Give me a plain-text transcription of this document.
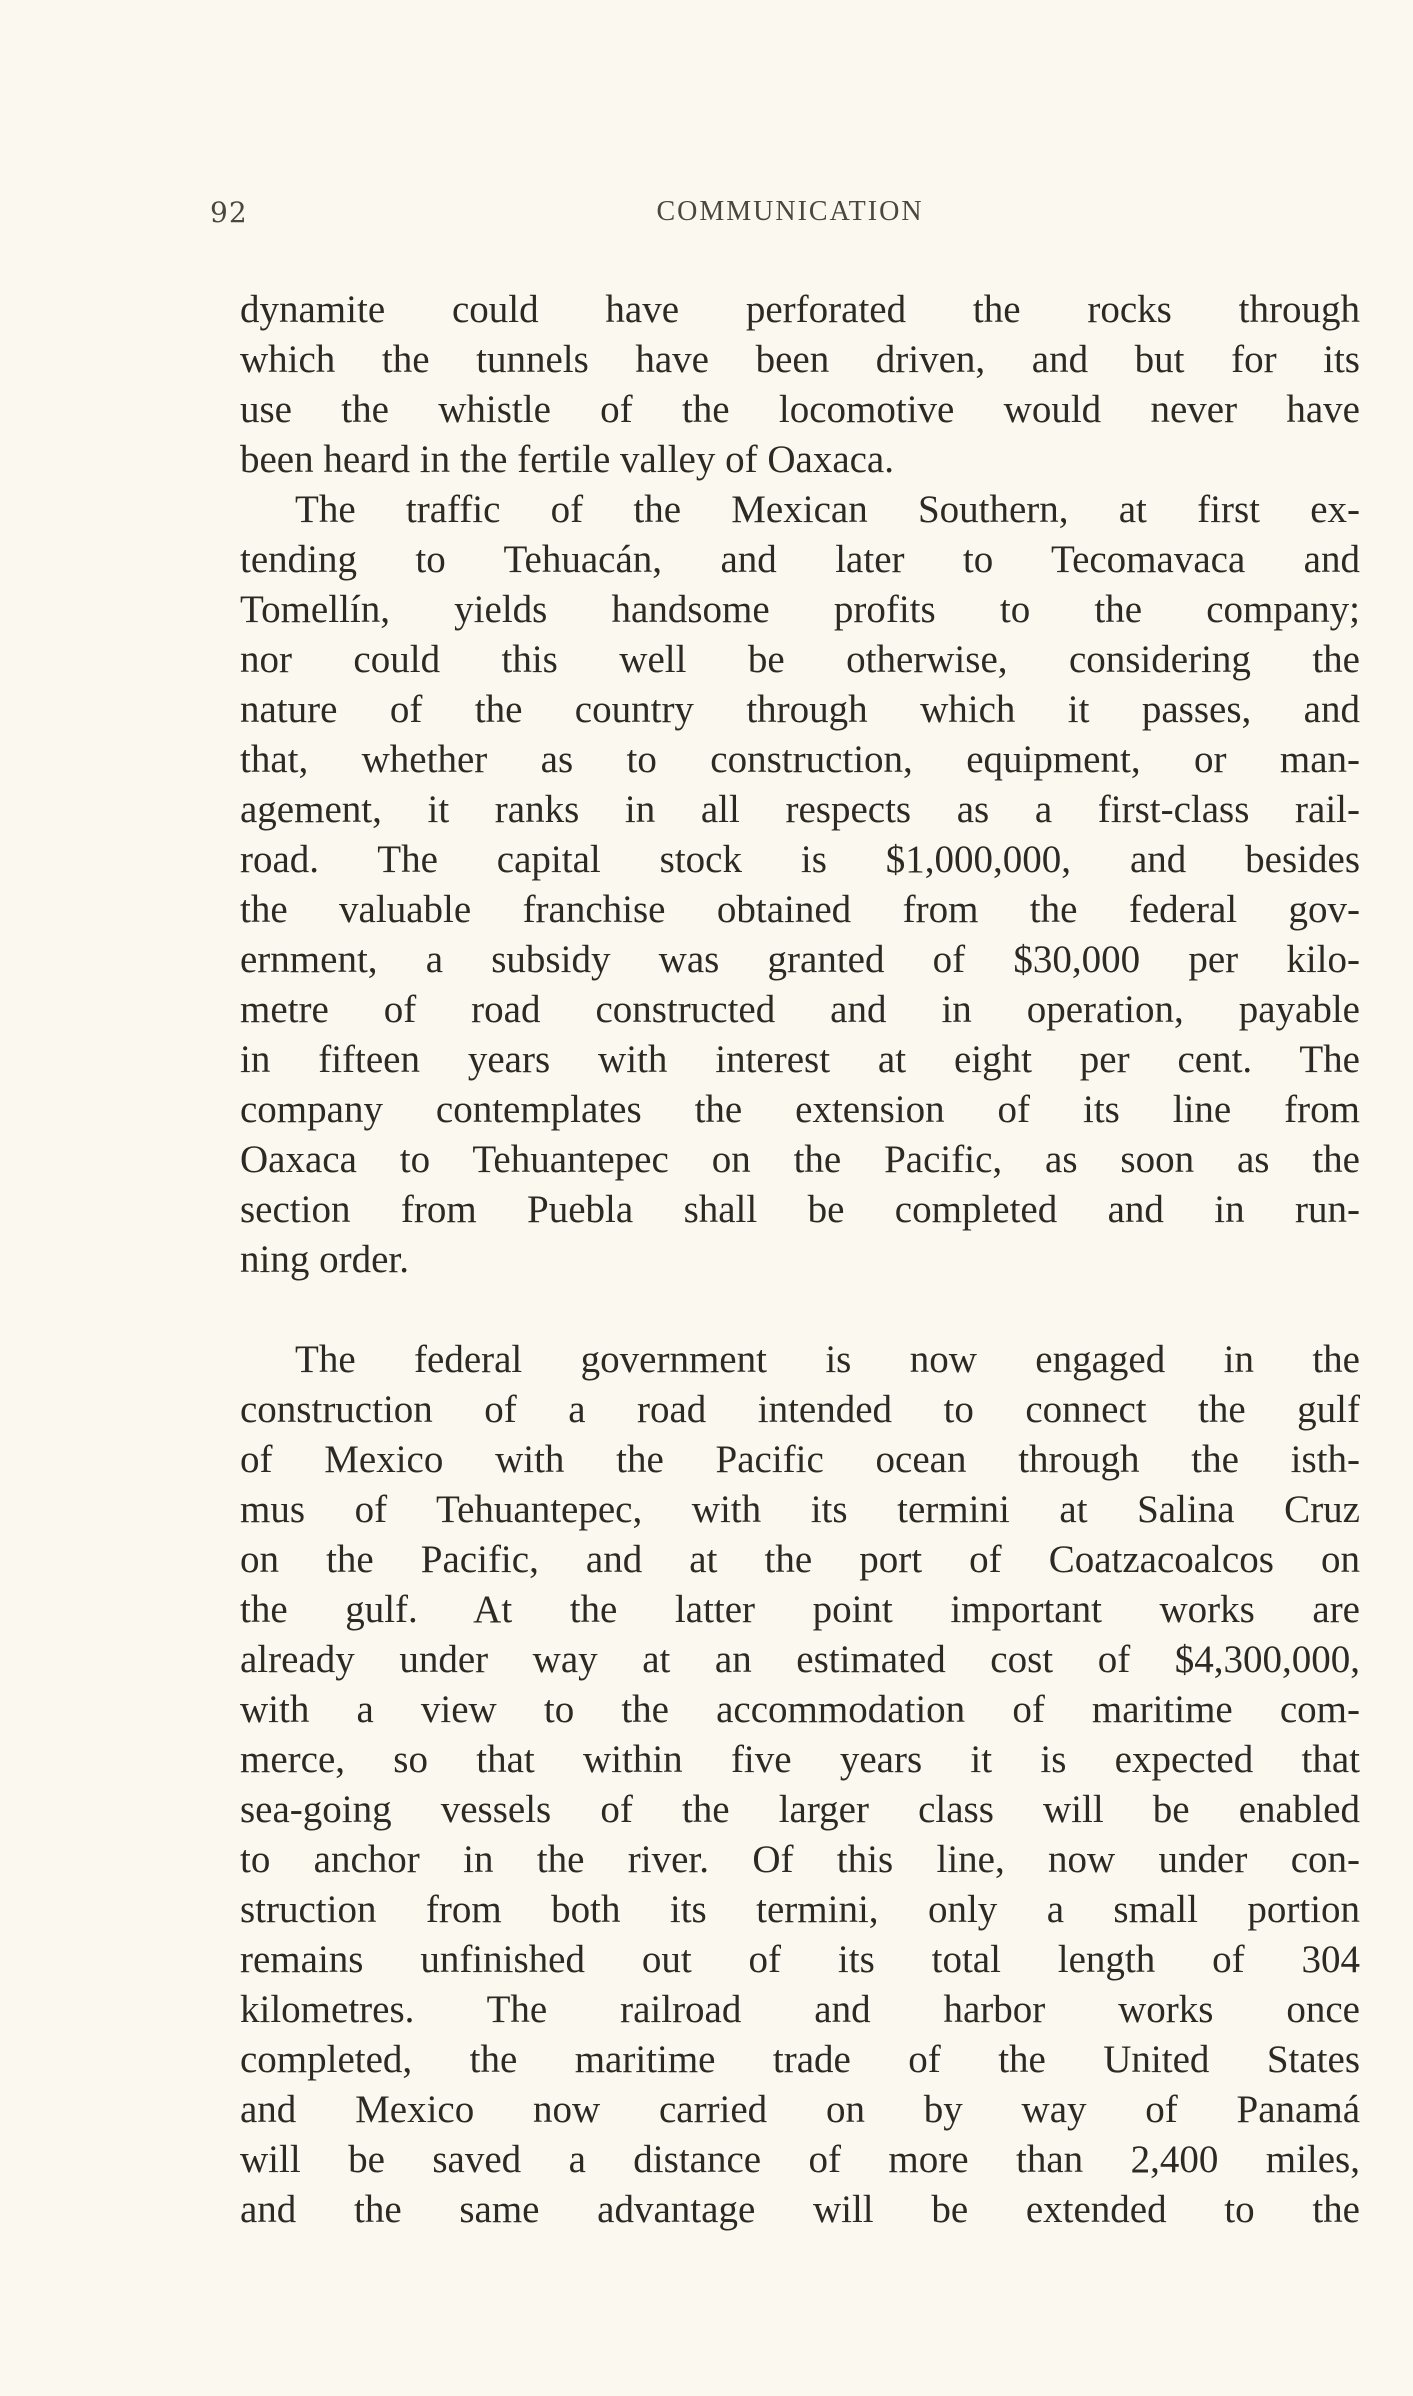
92	COMMUNICATION
dynamite could have perforated the rocks through
which the tunnels have been driven, and but for its
use the whistle of the locomotive would never have
been heard in the fertile valley of Oaxaca.
The traffic of the Mexican Southern, at first ex-
tending to Tehuacán, and later to Tecomavaca and
Tomellín, yields handsome profits to the company;
nor could this well be otherwise, considering the
nature of the country through which it passes, and
that, whether as to construction, equipment, or man-
agement, it ranks in all respects as a first-class rail-
road. The capital stock is $1,000,000, and besides
the valuable franchise obtained from the federal gov-
ernment, a subsidy was granted of $30,000 per kilo-
metre of road constructed and in operation, payable
in fifteen years with interest at eight per cent. The
company contemplates the extension of its line from
Oaxaca to Tehuantepec on the Pacific, as soon as the
section from Puebla shall be completed and in run-
ning order.
The federal government is now engaged in the
construction of a road intended to connect the gulf
of Mexico with the Pacific ocean through the isth-
mus of Tehuantepec, with its termini at Salina Cruz
on the Pacific, and at the port of Coatzacoalcos on
the gulf. At the latter point important works are
already under way at an estimated cost of $4,300,000,
with a view to the accommodation of maritime com-
merce, so that within five years it is expected that
sea-going vessels of the larger class will be enabled
to anchor in the river. Of this line, now under con-
struction from both its termini, only a small portion
remains unfinished out of its total length of 304
kilometres. The railroad and harbor works once
completed, the maritime trade of the United States
and Mexico now carried on by way of Panamá
will be saved a distance of more than 2,400 miles,
and the same advantage will be extended to the
